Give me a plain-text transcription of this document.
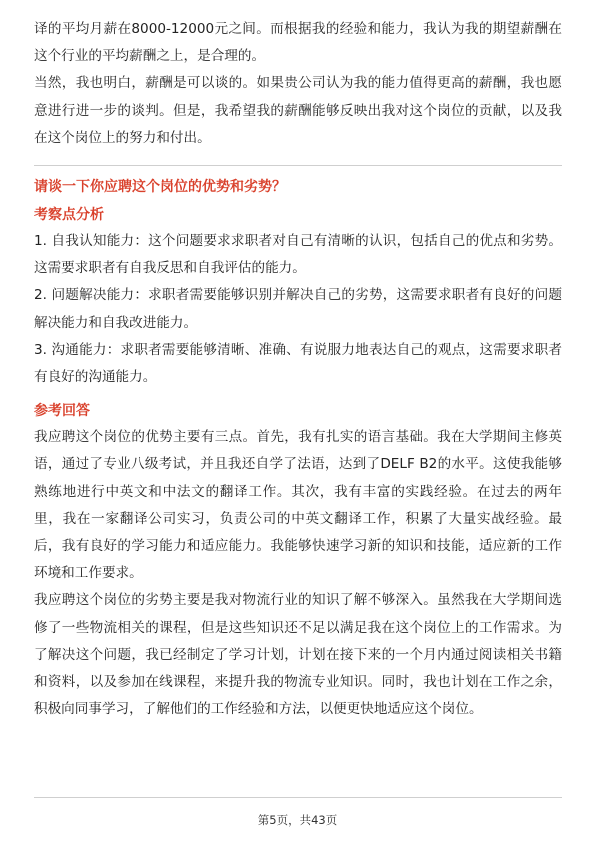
译的平均月薪在8000-12000元之间。而根据我的经验和能力，我认为我的期望薪酬在这个行业的平均薪酬之上，是合理的。

当然，我也明白，薪酬是可以谈的。如果贵公司认为我的能力值得更高的薪酬，我也愿意进行进一步的谈判。但是，我希望我的薪酬能够反映出我对这个岗位的贡献，以及我在这个岗位上的努力和付出。

请谈一下你应聘这个岗位的优势和劣势？
考察点分析

1. 自我认知能力：这个问题要求求职者对自己有清晰的认识，包括自己的优点和劣势。这需要求职者有自我反思和自我评估的能力。

2. 问题解决能力：求职者需要能够识别并解决自己的劣势，这需要求职者有良好的问题解决能力和自我改进能力。

3. 沟通能力：求职者需要能够清晰、准确、有说服力地表达自己的观点，这需要求职者有良好的沟通能力。

参考回答

我应聘这个岗位的优势主要有三点。首先，我有扎实的语言基础。我在大学期间主修英语，通过了专业八级考试，并且我还自学了法语，达到了DELF B2的水平。这使我能够熟练地进行中英文和中法文的翻译工作。其次，我有丰富的实践经验。在过去的两年里，我在一家翻译公司实习，负责公司的中英文翻译工作，积累了大量实战经验。最后，我有良好的学习能力和适应能力。我能够快速学习新的知识和技能，适应新的工作环境和工作要求。

我应聘这个岗位的劣势主要是我对物流行业的知识了解不够深入。虽然我在大学期间选修了一些物流相关的课程，但是这些知识还不足以满足我在这个岗位上的工作需求。为了解决这个问题，我已经制定了学习计划，计划在接下来的一个月内通过阅读相关书籍和资料，以及参加在线课程，来提升我的物流专业知识。同时，我也计划在工作之余，积极向同事学习，了解他们的工作经验和方法，以便更快地适应这个岗位。

第5页，共43页
